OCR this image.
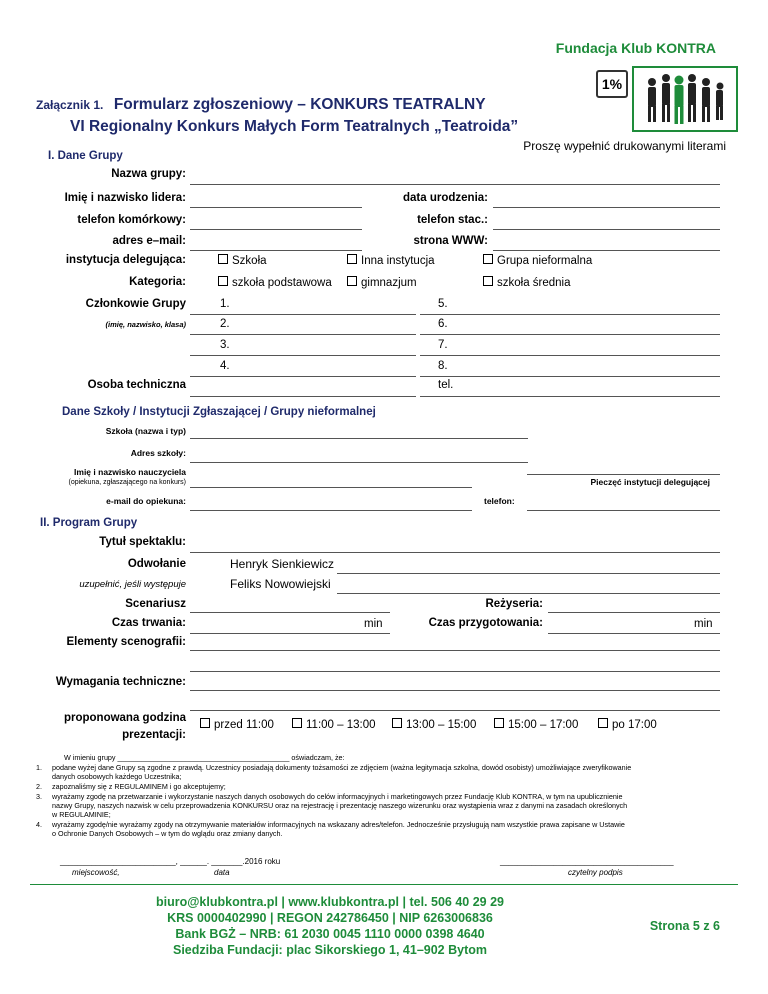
Fundacja Klub KONTRA
1%
Załącznik 1. Formularz zgłoszeniowy – KONKURS TEATRALNY
VI Regionalny Konkurs Małych Form Teatralnych „Teatroida”
Proszę wypełnić drukowanymi literami
I. Dane Grupy
Nazwa grupy:
Imię i nazwisko lidera:	data urodzenia:
telefon komórkowy:	telefon stac.:
adres e–mail:	strona WWW:
instytucja delegująca:	Szkoła	Inna instytucja	Grupa nieformalna
Kategoria:	szkoła podstawowa	gimnazjum	szkoła średnia
Członkowie Grupy
(imię, nazwisko, klasa)
1.	5.
2.	6.
3.	7.
4.	8.
Osoba techniczna	tel.
Dane Szkoły / Instytucji Zgłaszającej / Grupy nieformalnej
Szkoła (nazwa i typ)
Adres szkoły:
Imię i nazwisko nauczyciela
(opiekuna, zgłaszającego na konkurs)	Pieczęć instytucji delegującej
e-mail do opiekuna:	telefon:
II. Program Grupy
Tytuł spektaklu:
Odwołanie	Henryk Sienkiewicz
uzupełnić, jeśli występuje	Feliks Nowowiejski
Scenariusz	Reżyseria:
Czas trwania:	min	Czas przygotowania:	min
Elementy scenografii:
Wymagania techniczne:
proponowana godzina
prezentacji:
przed 11:00	11:00 – 13:00	13:00 – 15:00	15:00 – 17:00	po 17:00
W imieniu grupy ___________________________________________ oświadczam, że:
1. podane wyżej dane Grupy są zgodne z prawdą. Uczestnicy posiadają dokumenty tożsamości ze zdjęciem (ważna legitymacja szkolna, dowód osobisty) umożliwiające zweryfikowanie
danych osobowych każdego Uczestnika;
2. zapoznaliśmy się z REGULAMINEM i go akceptujemy;
3. wyrażamy zgodę na przetwarzanie i wykorzystanie naszych danych osobowych do celów informacyjnych i marketingowych przez Fundację Klub KONTRA, w tym na upublicznienie
nazwy Grupy, naszych nazwisk w celu przeprowadzenia KONKURSU oraz na rejestrację i prezentację naszego wizerunku oraz wystąpienia wraz z danymi na zasadach określonych
w REGULAMINIE;
4. wyrażamy zgodę/nie wyrażamy zgody na otrzymywanie materiałów informacyjnych na wskazany adres/telefon. Jednocześnie przysługują nam wszystkie prawa zapisane w Ustawie
o Ochronie Danych Osobowych – w tym do wglądu oraz zmiany danych.
__________________________, ______. _______.2016 roku
miejscowość,	data
_______________________________________
czytelny podpis
biuro@klubkontra.pl | www.klubkontra.pl | tel. 506 40 29 29
KRS 0000402990 | REGON 242786450 | NIP 6263006836
Bank BGŻ – NRB: 61 2030 0045 1110 0000 0398 4640
Siedziba Fundacji: plac Sikorskiego 1, 41–902 Bytom
Strona 5 z 6
